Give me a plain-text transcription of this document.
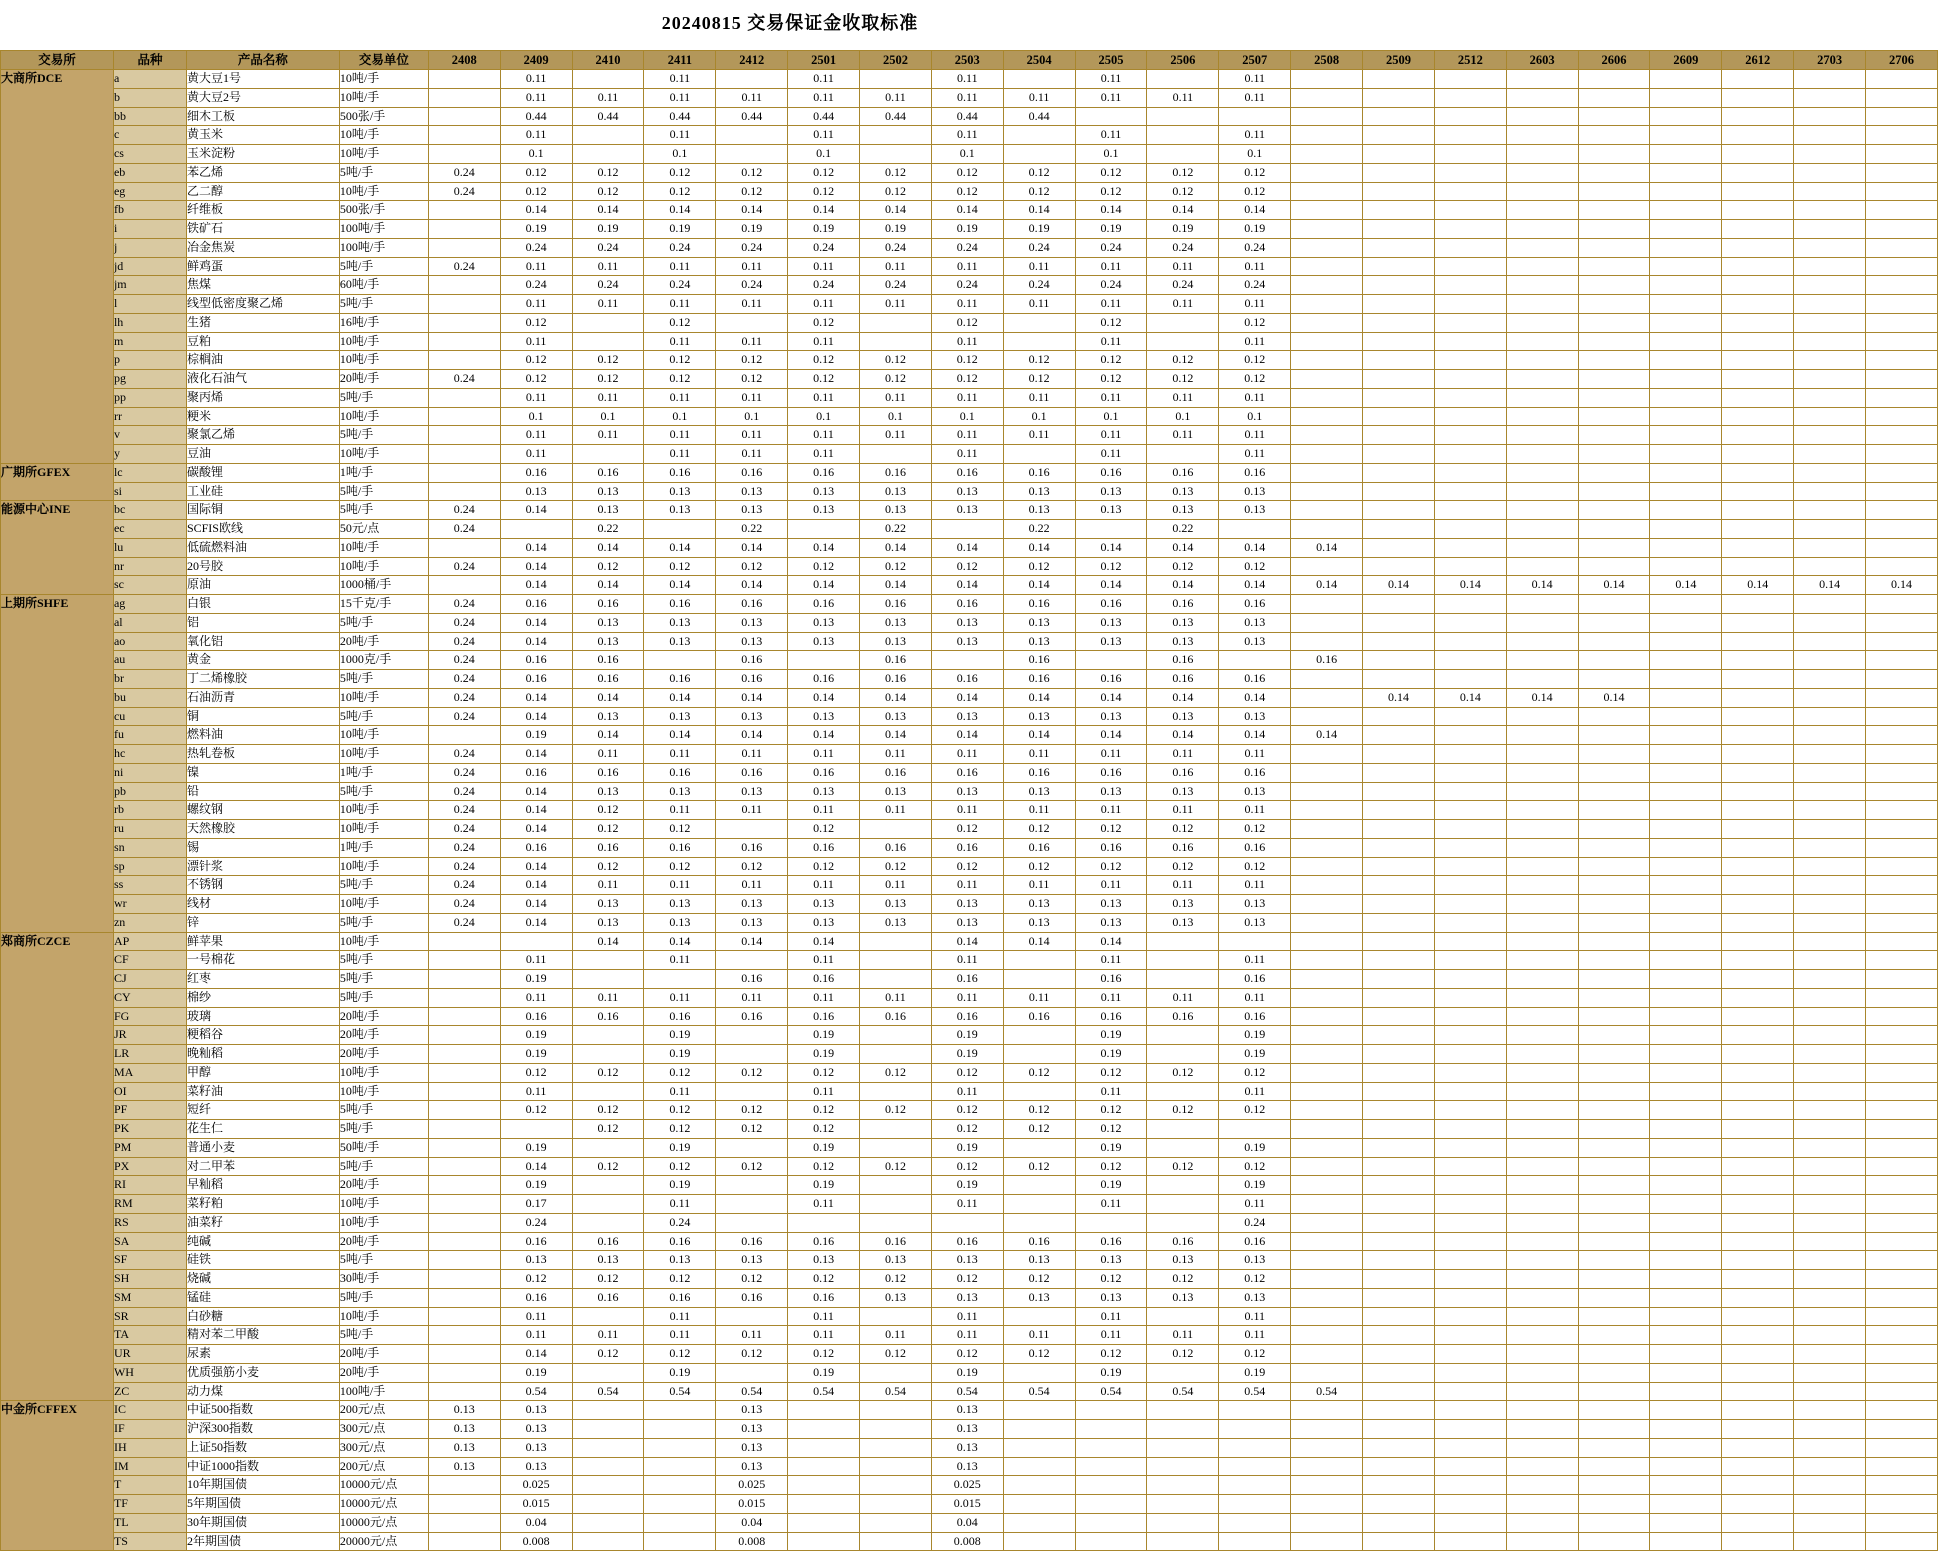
20240815 交易保证金收取标准
交易所	品种	产品名称	交易单位	2408	2409	2410	2411	2412	2501	2502	2503	2504	2505	2506	2507	2508	2509	2512	2603	2606	2609	2612	2703	2706
大商所DCE	a	黄大豆1号	10吨/手		0.11		0.11		0.11		0.11		0.11		0.11									
	b	黄大豆2号	10吨/手		0.11	0.11	0.11	0.11	0.11	0.11	0.11	0.11	0.11	0.11	0.11									
	bb	细木工板	500张/手		0.44	0.44	0.44	0.44	0.44	0.44	0.44	0.44												
	c	黄玉米	10吨/手		0.11		0.11		0.11		0.11		0.11		0.11									
	cs	玉米淀粉	10吨/手		0.1		0.1		0.1		0.1		0.1		0.1									
	eb	苯乙烯	5吨/手	0.24	0.12	0.12	0.12	0.12	0.12	0.12	0.12	0.12	0.12	0.12	0.12									
	eg	乙二醇	10吨/手	0.24	0.12	0.12	0.12	0.12	0.12	0.12	0.12	0.12	0.12	0.12	0.12									
	fb	纤维板	500张/手		0.14	0.14	0.14	0.14	0.14	0.14	0.14	0.14	0.14	0.14	0.14									
	i	铁矿石	100吨/手		0.19	0.19	0.19	0.19	0.19	0.19	0.19	0.19	0.19	0.19	0.19									
	j	冶金焦炭	100吨/手		0.24	0.24	0.24	0.24	0.24	0.24	0.24	0.24	0.24	0.24	0.24									
	jd	鲜鸡蛋	5吨/手	0.24	0.11	0.11	0.11	0.11	0.11	0.11	0.11	0.11	0.11	0.11	0.11									
	jm	焦煤	60吨/手		0.24	0.24	0.24	0.24	0.24	0.24	0.24	0.24	0.24	0.24	0.24									
	l	线型低密度聚乙烯	5吨/手		0.11	0.11	0.11	0.11	0.11	0.11	0.11	0.11	0.11	0.11	0.11									
	lh	生猪	16吨/手		0.12		0.12		0.12		0.12		0.12		0.12									
	m	豆粕	10吨/手		0.11		0.11	0.11	0.11		0.11		0.11		0.11									
	p	棕榈油	10吨/手		0.12	0.12	0.12	0.12	0.12	0.12	0.12	0.12	0.12	0.12	0.12									
	pg	液化石油气	20吨/手	0.24	0.12	0.12	0.12	0.12	0.12	0.12	0.12	0.12	0.12	0.12	0.12									
	pp	聚丙烯	5吨/手		0.11	0.11	0.11	0.11	0.11	0.11	0.11	0.11	0.11	0.11	0.11									
	rr	粳米	10吨/手		0.1	0.1	0.1	0.1	0.1	0.1	0.1	0.1	0.1	0.1	0.1									
	v	聚氯乙烯	5吨/手		0.11	0.11	0.11	0.11	0.11	0.11	0.11	0.11	0.11	0.11	0.11									
	y	豆油	10吨/手		0.11		0.11	0.11	0.11		0.11		0.11		0.11									
广期所GFEX	lc	碳酸锂	1吨/手		0.16	0.16	0.16	0.16	0.16	0.16	0.16	0.16	0.16	0.16	0.16									
	si	工业硅	5吨/手		0.13	0.13	0.13	0.13	0.13	0.13	0.13	0.13	0.13	0.13	0.13									
能源中心INE	bc	国际铜	5吨/手	0.24	0.14	0.13	0.13	0.13	0.13	0.13	0.13	0.13	0.13	0.13	0.13									
	ec	SCFIS欧线	50元/点	0.24		0.22		0.22		0.22		0.22		0.22										
	lu	低硫燃料油	10吨/手		0.14	0.14	0.14	0.14	0.14	0.14	0.14	0.14	0.14	0.14	0.14	0.14								
	nr	20号胶	10吨/手	0.24	0.14	0.12	0.12	0.12	0.12	0.12	0.12	0.12	0.12	0.12	0.12									
	sc	原油	1000桶/手		0.14	0.14	0.14	0.14	0.14	0.14	0.14	0.14	0.14	0.14	0.14	0.14	0.14	0.14	0.14	0.14	0.14	0.14	0.14	0.14
上期所SHFE	ag	白银	15千克/手	0.24	0.16	0.16	0.16	0.16	0.16	0.16	0.16	0.16	0.16	0.16	0.16									
	al	铝	5吨/手	0.24	0.14	0.13	0.13	0.13	0.13	0.13	0.13	0.13	0.13	0.13	0.13									
	ao	氧化铝	20吨/手	0.24	0.14	0.13	0.13	0.13	0.13	0.13	0.13	0.13	0.13	0.13	0.13									
	au	黄金	1000克/手	0.24	0.16	0.16		0.16		0.16		0.16		0.16		0.16								
	br	丁二烯橡胶	5吨/手	0.24	0.16	0.16	0.16	0.16	0.16	0.16	0.16	0.16	0.16	0.16	0.16									
	bu	石油沥青	10吨/手	0.24	0.14	0.14	0.14	0.14	0.14	0.14	0.14	0.14	0.14	0.14	0.14		0.14	0.14	0.14	0.14				
	cu	铜	5吨/手	0.24	0.14	0.13	0.13	0.13	0.13	0.13	0.13	0.13	0.13	0.13	0.13									
	fu	燃料油	10吨/手		0.19	0.14	0.14	0.14	0.14	0.14	0.14	0.14	0.14	0.14	0.14	0.14								
	hc	热轧卷板	10吨/手	0.24	0.14	0.11	0.11	0.11	0.11	0.11	0.11	0.11	0.11	0.11	0.11									
	ni	镍	1吨/手	0.24	0.16	0.16	0.16	0.16	0.16	0.16	0.16	0.16	0.16	0.16	0.16									
	pb	铅	5吨/手	0.24	0.14	0.13	0.13	0.13	0.13	0.13	0.13	0.13	0.13	0.13	0.13									
	rb	螺纹钢	10吨/手	0.24	0.14	0.12	0.11	0.11	0.11	0.11	0.11	0.11	0.11	0.11	0.11									
	ru	天然橡胶	10吨/手	0.24	0.14	0.12	0.12		0.12		0.12	0.12	0.12	0.12	0.12									
	sn	锡	1吨/手	0.24	0.16	0.16	0.16	0.16	0.16	0.16	0.16	0.16	0.16	0.16	0.16									
	sp	漂针浆	10吨/手	0.24	0.14	0.12	0.12	0.12	0.12	0.12	0.12	0.12	0.12	0.12	0.12									
	ss	不锈钢	5吨/手	0.24	0.14	0.11	0.11	0.11	0.11	0.11	0.11	0.11	0.11	0.11	0.11									
	wr	线材	10吨/手	0.24	0.14	0.13	0.13	0.13	0.13	0.13	0.13	0.13	0.13	0.13	0.13									
	zn	锌	5吨/手	0.24	0.14	0.13	0.13	0.13	0.13	0.13	0.13	0.13	0.13	0.13	0.13									
郑商所CZCE	AP	鲜苹果	10吨/手			0.14	0.14	0.14	0.14		0.14	0.14	0.14											
	CF	一号棉花	5吨/手		0.11		0.11		0.11		0.11		0.11		0.11									
	CJ	红枣	5吨/手		0.19			0.16	0.16		0.16		0.16		0.16									
	CY	棉纱	5吨/手		0.11	0.11	0.11	0.11	0.11	0.11	0.11	0.11	0.11	0.11	0.11									
	FG	玻璃	20吨/手		0.16	0.16	0.16	0.16	0.16	0.16	0.16	0.16	0.16	0.16	0.16									
	JR	粳稻谷	20吨/手		0.19		0.19		0.19		0.19		0.19		0.19									
	LR	晚籼稻	20吨/手		0.19		0.19		0.19		0.19		0.19		0.19									
	MA	甲醇	10吨/手		0.12	0.12	0.12	0.12	0.12	0.12	0.12	0.12	0.12	0.12	0.12									
	OI	菜籽油	10吨/手		0.11		0.11		0.11		0.11		0.11		0.11									
	PF	短纤	5吨/手		0.12	0.12	0.12	0.12	0.12	0.12	0.12	0.12	0.12	0.12	0.12									
	PK	花生仁	5吨/手			0.12	0.12	0.12	0.12		0.12	0.12	0.12											
	PM	普通小麦	50吨/手		0.19		0.19		0.19		0.19		0.19		0.19									
	PX	对二甲苯	5吨/手		0.14	0.12	0.12	0.12	0.12	0.12	0.12	0.12	0.12	0.12	0.12									
	RI	早籼稻	20吨/手		0.19		0.19		0.19		0.19		0.19		0.19									
	RM	菜籽粕	10吨/手		0.17		0.11		0.11		0.11		0.11		0.11									
	RS	油菜籽	10吨/手		0.24		0.24								0.24									
	SA	纯碱	20吨/手		0.16	0.16	0.16	0.16	0.16	0.16	0.16	0.16	0.16	0.16	0.16									
	SF	硅铁	5吨/手		0.13	0.13	0.13	0.13	0.13	0.13	0.13	0.13	0.13	0.13	0.13									
	SH	烧碱	30吨/手		0.12	0.12	0.12	0.12	0.12	0.12	0.12	0.12	0.12	0.12	0.12									
	SM	锰硅	5吨/手		0.16	0.16	0.16	0.16	0.16	0.13	0.13	0.13	0.13	0.13	0.13									
	SR	白砂糖	10吨/手		0.11		0.11		0.11		0.11		0.11		0.11									
	TA	精对苯二甲酸	5吨/手		0.11	0.11	0.11	0.11	0.11	0.11	0.11	0.11	0.11	0.11	0.11									
	UR	尿素	20吨/手		0.14	0.12	0.12	0.12	0.12	0.12	0.12	0.12	0.12	0.12	0.12									
	WH	优质强筋小麦	20吨/手		0.19		0.19		0.19		0.19		0.19		0.19									
	ZC	动力煤	100吨/手		0.54	0.54	0.54	0.54	0.54	0.54	0.54	0.54	0.54	0.54	0.54	0.54								
中金所CFFEX	IC	中证500指数	200元/点	0.13	0.13			0.13			0.13													
	IF	沪深300指数	300元/点	0.13	0.13			0.13			0.13													
	IH	上证50指数	300元/点	0.13	0.13			0.13			0.13													
	IM	中证1000指数	200元/点	0.13	0.13			0.13			0.13													
	T	10年期国债	10000元/点		0.025			0.025			0.025													
	TF	5年期国债	10000元/点		0.015			0.015			0.015													
	TL	30年期国债	10000元/点		0.04			0.04			0.04													
	TS	2年期国债	20000元/点		0.008			0.008			0.008													
